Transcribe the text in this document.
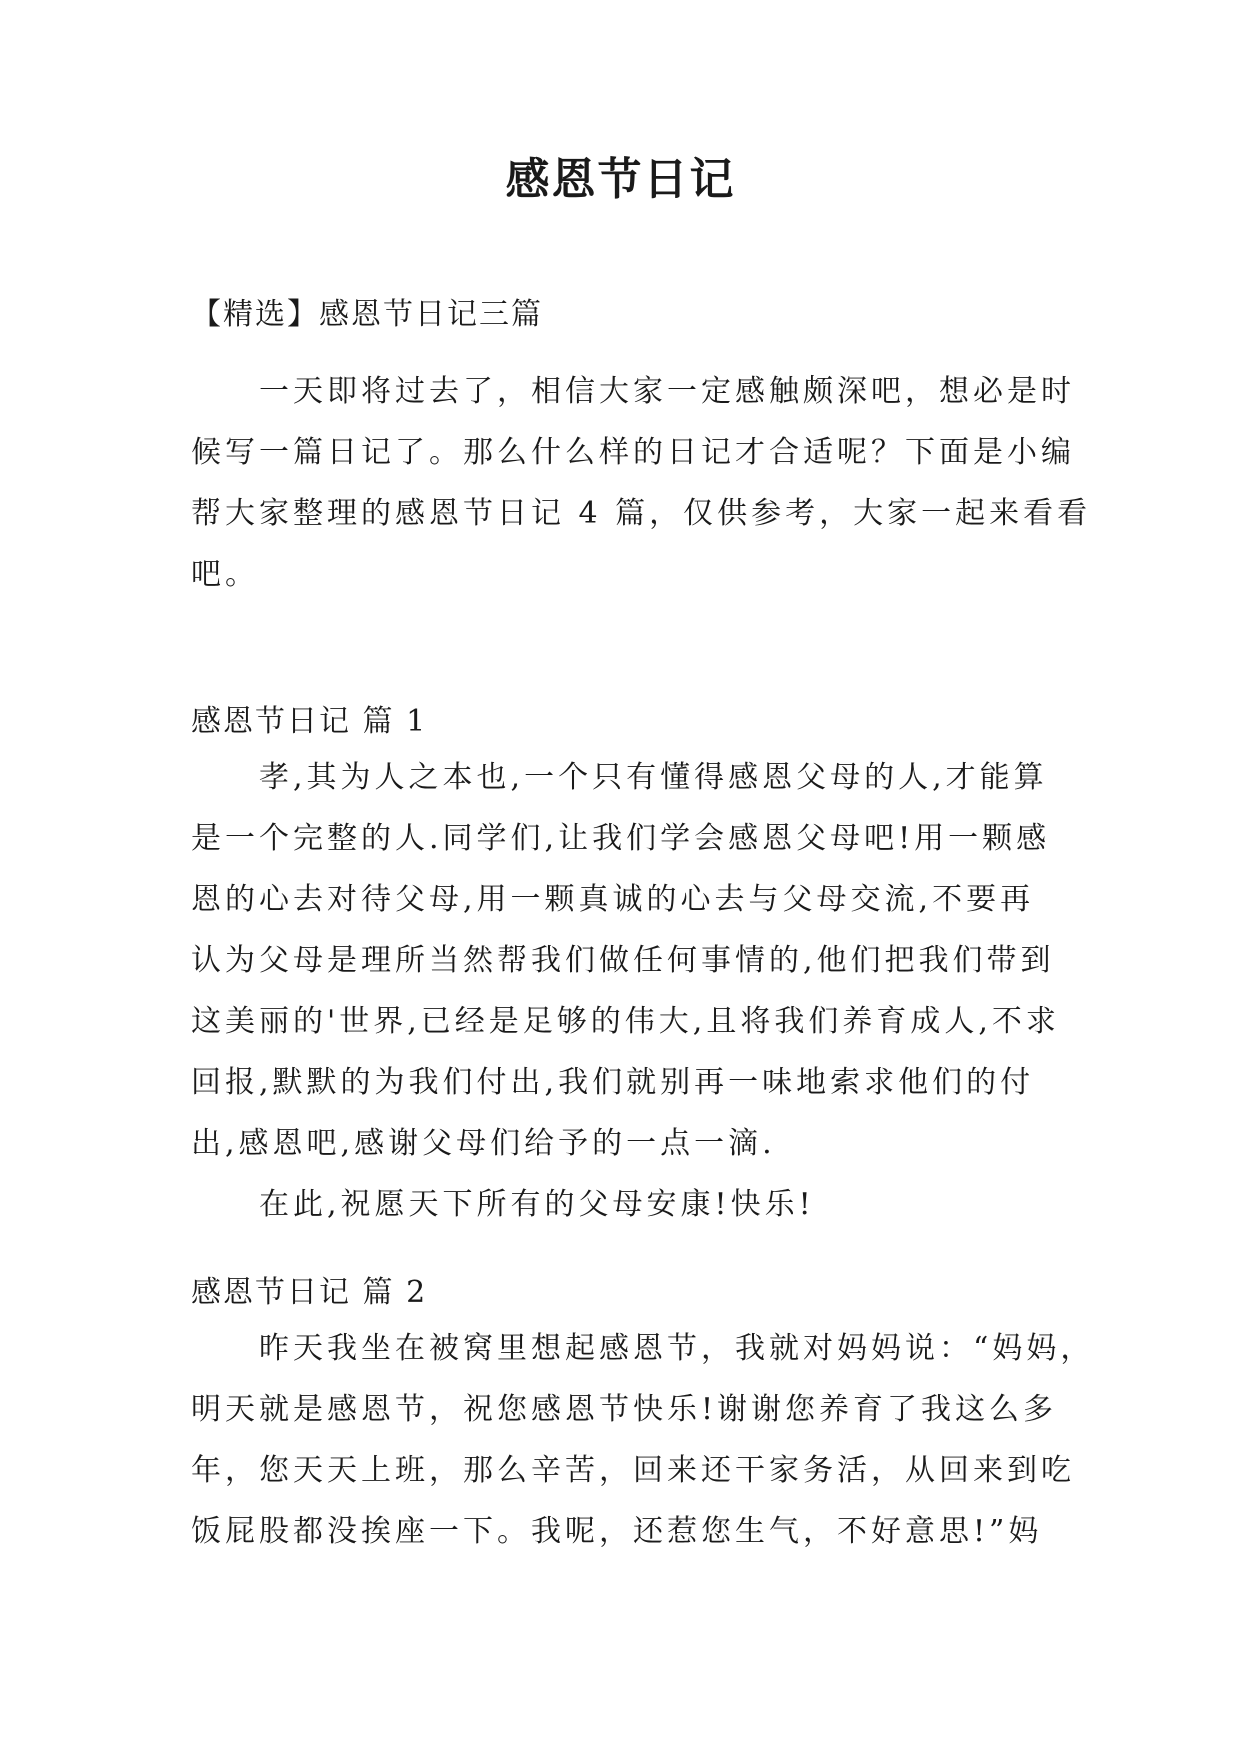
感恩节日记
【精选】感恩节日记三篇
　　一天即将过去了，相信大家一定感触颇深吧，想必是时
候写一篇日记了。那么什么样的日记才合适呢？下面是小编
帮大家整理的感恩节日记 4 篇，仅供参考，大家一起来看看
吧。
感恩节日记 篇 1
　　孝,其为人之本也,一个只有懂得感恩父母的人,才能算
是一个完整的人.同学们,让我们学会感恩父母吧!用一颗感
恩的心去对待父母,用一颗真诚的心去与父母交流,不要再
认为父母是理所当然帮我们做任何事情的,他们把我们带到
这美丽的'世界,已经是足够的伟大,且将我们养育成人,不求
回报,默默的为我们付出,我们就别再一味地索求他们的付
出,感恩吧,感谢父母们给予的一点一滴.
　　在此,祝愿天下所有的父母安康!快乐!
感恩节日记 篇 2
　　昨天我坐在被窝里想起感恩节，我就对妈妈说：“妈妈，
明天就是感恩节，祝您感恩节快乐!谢谢您养育了我这么多
年，您天天上班，那么辛苦，回来还干家务活，从回来到吃
饭屁股都没挨座一下。我呢，还惹您生气，不好意思!”妈
